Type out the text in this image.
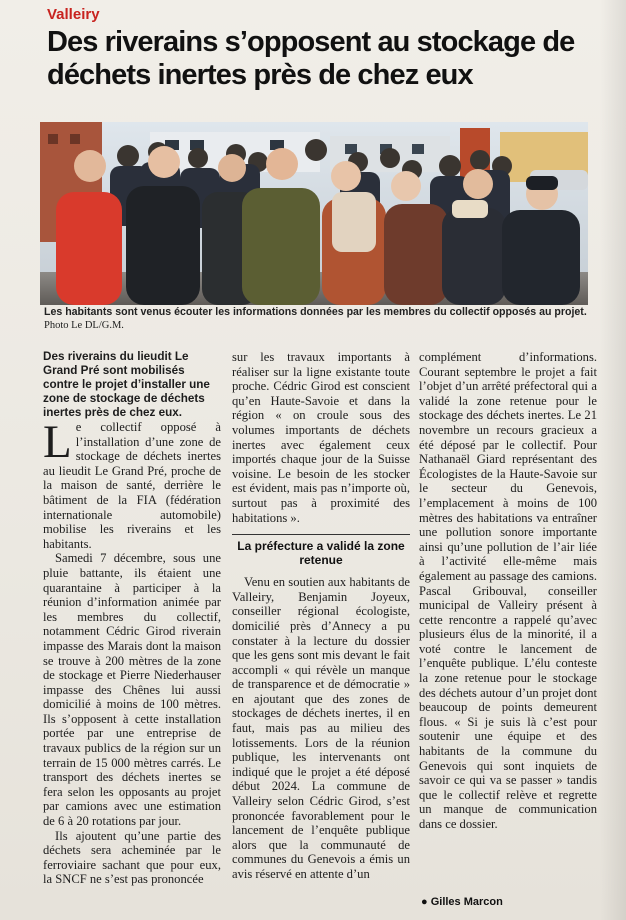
Valleiry
Des riverains s’opposent au stockage de déchets inertes près de chez eux
Les habitants sont venus écouter les informations données par les membres du collectif opposés au projet. Photo Le DL/G.M.

Des riverains du lieudit Le Grand Pré sont mobilisés contre le projet d’installer une zone de stockage de déchets inertes près de chez eux.

Le collectif opposé à l’installation d’une zone de stockage de déchets inertes au lieudit Le Grand Pré, proche de la maison de santé, derrière le bâtiment de la FIA (fédération internationale automobile) mobilise les riverains et les habitants.

Samedi 7 décembre, sous une pluie battante, ils étaient une quarantaine à participer à la réunion d’information animée par les membres du collectif, notamment Cédric Girod riverain impasse des Marais dont la maison se trouve à 200 mètres de la zone de stockage et Pierre Niederhauser impasse des Chênes lui aussi domicilié à moins de 100 mètres. Ils s’opposent à cette installation portée par une entreprise de travaux publics de la région sur un terrain de 15 000 mètres carrés. Le transport des déchets inertes se fera selon les opposants au projet par camions avec une estimation de 6 à 20 rotations par jour.

Ils ajoutent qu’une partie des déchets sera acheminée par le ferroviaire sachant que pour eux, la SNCF ne s’est pas prononcée

sur les travaux importants à réaliser sur la ligne existante toute proche. Cédric Girod est conscient qu’en Haute-Savoie et dans la région « on croule sous des volumes importants de déchets inertes avec également ceux importés chaque jour de la Suisse voisine. Le besoin de les stocker est évident, mais pas n’importe où, surtout pas à proximité des habitations ».

La préfecture a validé la zone retenue

Venu en soutien aux habitants de Valleiry, Benjamin Joyeux, conseiller régional écologiste, domicilié près d’Annecy a pu constater à la lecture du dossier que les gens sont mis devant le fait accompli « qui révèle un manque de transparence et de démocratie » en ajoutant que des zones de stockages de déchets inertes, il en faut, mais pas au milieu des lotissements. Lors de la réunion publique, les intervenants ont indiqué que le projet a été déposé début 2024. La commune de Valleiry selon Cédric Girod, s’est prononcée favorablement pour le lancement de l’enquête publique alors que la communauté de communes du Genevois a émis un avis réservé en attente d’un

complément d’informations. Courant septembre le projet a fait l’objet d’un arrêté préfectoral qui a validé la zone retenue pour le stockage des déchets inertes. Le 21 novembre un recours gracieux a été déposé par le collectif. Pour Nathanaël Giard représentant des Écologistes de la Haute-Savoie sur le secteur du Genevois, l’emplacement à moins de 100 mètres des habitations va entraîner une pollution sonore importante ainsi qu’une pollution de l’air liée à l’activité elle-même mais également au passage des camions. Pascal Gribouval, conseiller municipal de Valleiry présent à cette rencontre a rappelé qu’avec plusieurs élus de la minorité, il a voté contre le lancement de l’enquête publique. L’élu conteste la zone retenue pour le stockage des déchets autour d’un projet dont beaucoup de points demeurent flous. « Si je suis là c’est pour soutenir une équipe et des habitants de la commune du Genevois qui sont inquiets de savoir ce qui va se passer » tandis que le collectif relève et regrette un manque de communication dans ce dossier.

● Gilles Marcon
